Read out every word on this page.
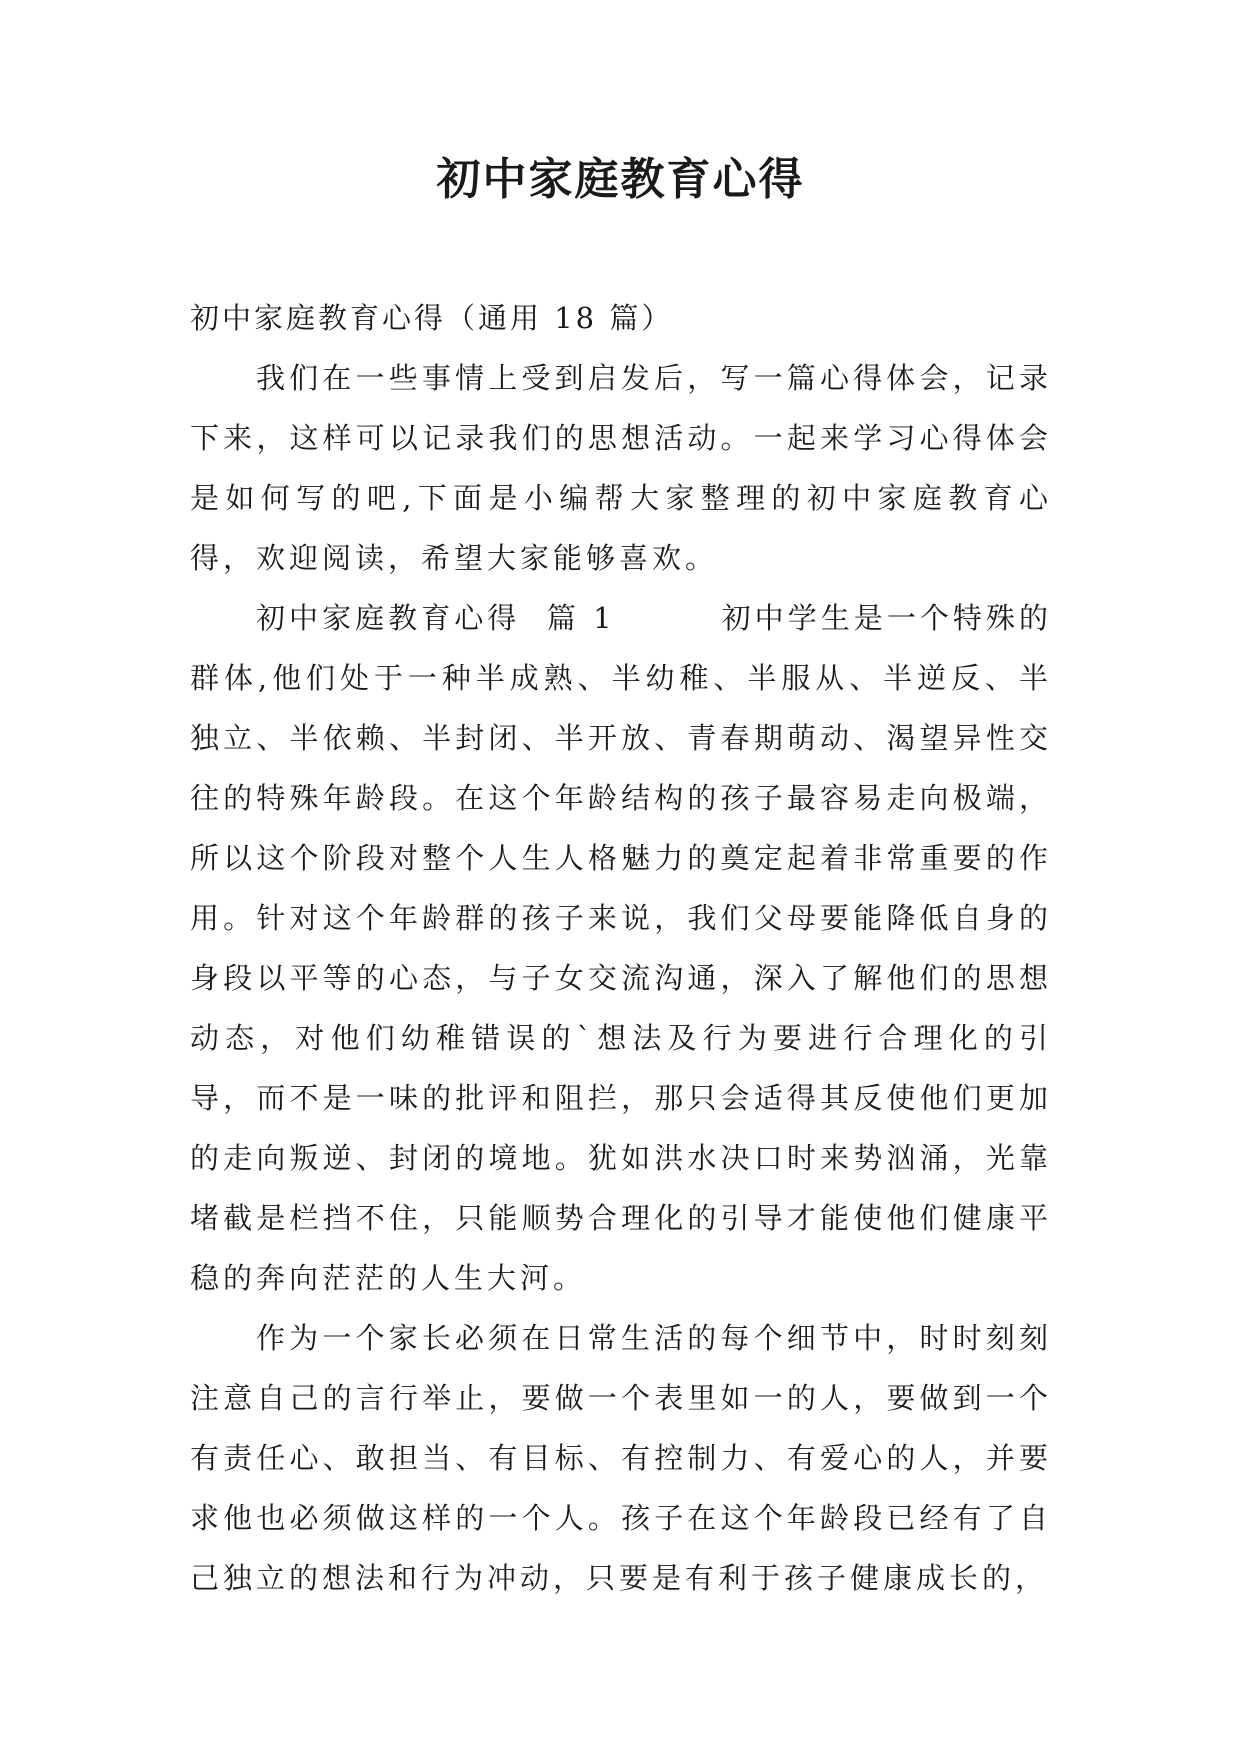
初中家庭教育心得

初中家庭教育心得（通用 18 篇）

我们在一些事情上受到启发后，写一篇心得体会，记录下来，这样可以记录我们的思想活动。一起来学习心得体会是如何写的吧,下面是小编帮大家整理的初中家庭教育心得，欢迎阅读，希望大家能够喜欢。

初中家庭教育心得  篇 1	初中学生是一个特殊的群体,他们处于一种半成熟、半幼稚、半服从、半逆反、半独立、半依赖、半封闭、半开放、青春期萌动、渴望异性交往的特殊年龄段。在这个年龄结构的孩子最容易走向极端，所以这个阶段对整个人生人格魅力的奠定起着非常重要的作用。针对这个年龄群的孩子来说，我们父母要能降低自身的身段以平等的心态，与子女交流沟通，深入了解他们的思想动态，对他们幼稚错误的`想法及行为要进行合理化的引导，而不是一味的批评和阻拦，那只会适得其反使他们更加的走向叛逆、封闭的境地。犹如洪水决口时来势汹涌，光靠堵截是栏挡不住，只能顺势合理化的引导才能使他们健康平稳的奔向茫茫的人生大河。

作为一个家长必须在日常生活的每个细节中，时时刻刻注意自己的言行举止，要做一个表里如一的人，要做到一个有责任心、敢担当、有目标、有控制力、有爱心的人，并要求他也必须做这样的一个人。孩子在这个年龄段已经有了自己独立的想法和行为冲动，只要是有利于孩子健康成长的，
